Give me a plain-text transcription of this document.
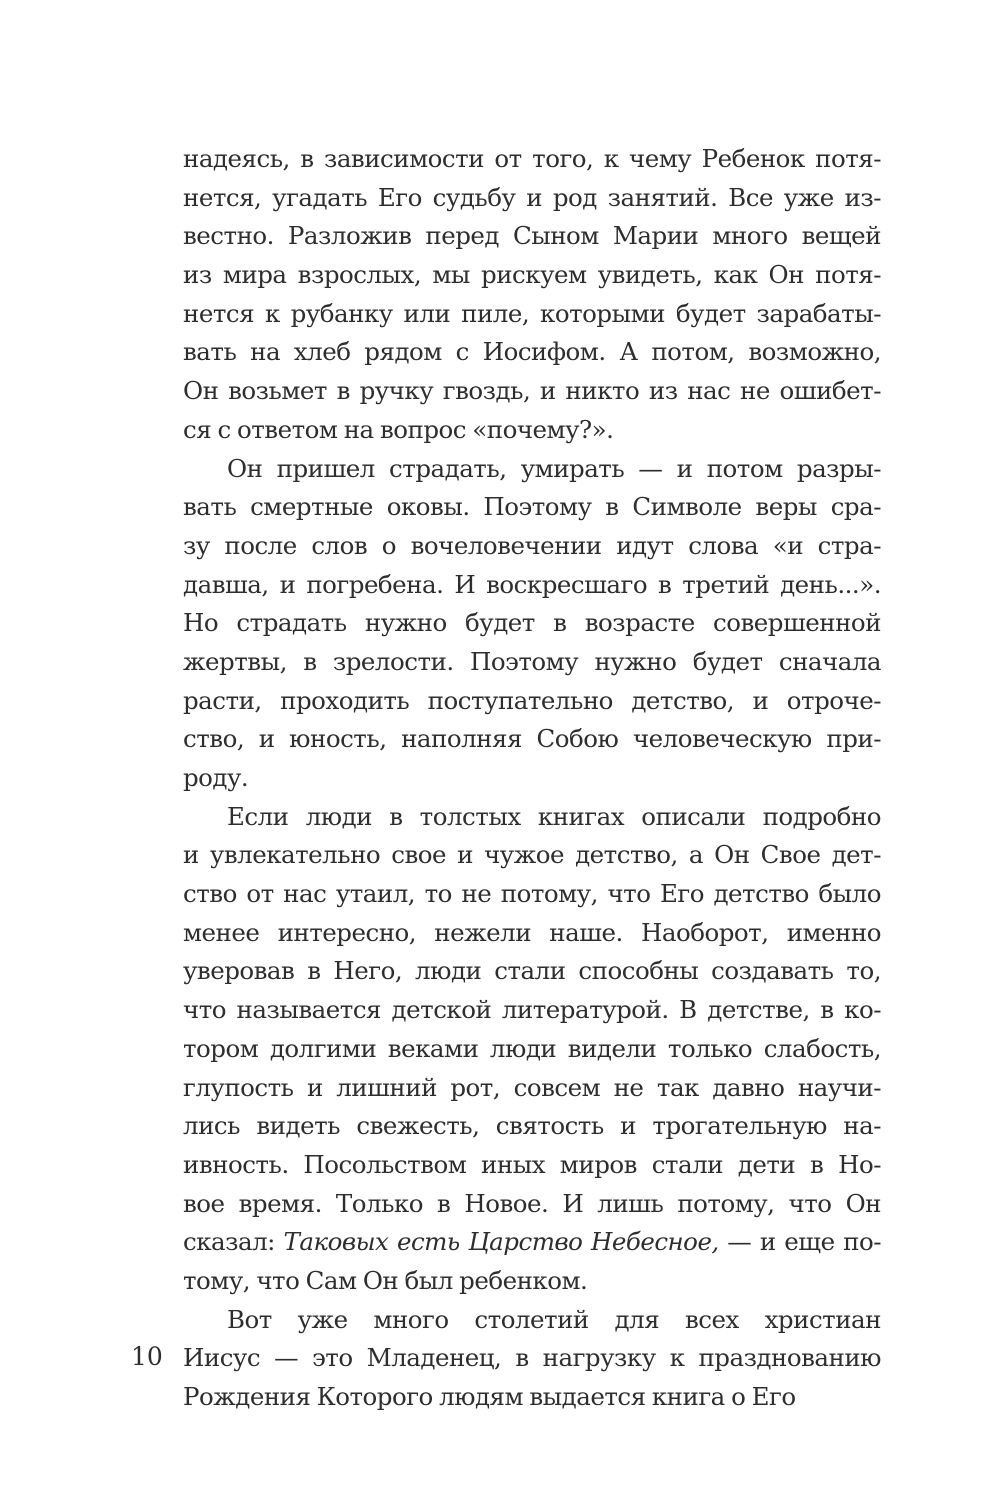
надеясь, в зависимости от того, к чему Ребенок потя-
нется, угадать Его судьбу и род занятий. Все уже из-
вестно. Разложив перед Сыном Марии много вещей
из мира взрослых, мы рискуем увидеть, как Он потя-
нется к рубанку или пиле, которыми будет зарабаты-
вать на хлеб рядом с Иосифом. А потом, возможно,
Он возьмет в ручку гвоздь, и никто из нас не ошибет-
ся с ответом на вопрос «почему?».
Он пришел страдать, умирать — и потом разры-
вать смертные оковы. Поэтому в Символе веры сра-
зу после слов о вочеловечении идут слова «и стра-
давша, и погребена. И воскресшаго в третий день...».
Но страдать нужно будет в возрасте совершенной
жертвы, в зрелости. Поэтому нужно будет сначала
расти, проходить поступательно детство, и отроче-
ство, и юность, наполняя Собою человеческую при-
роду.
Если люди в толстых книгах описали подробно
и увлекательно свое и чужое детство, а Он Свое дет-
ство от нас утаил, то не потому, что Его детство было
менее интересно, нежели наше. Наоборот, именно
уверовав в Него, люди стали способны создавать то,
что называется детской литературой. В детстве, в ко-
тором долгими веками люди видели только слабость,
глупость и лишний рот, совсем не так давно научи-
лись видеть свежесть, святость и трогательную на-
ивность. Посольством иных миров стали дети в Но-
вое время. Только в Новое. И лишь потому, что Он
сказал: Таковых есть Царство Небесное, — и еще по-
тому, что Сам Он был ребенком.
Вот уже много столетий для всех христиан
Иисус — это Младенец, в нагрузку к празднованию
Рождения Которого людям выдается книга о Его
10
